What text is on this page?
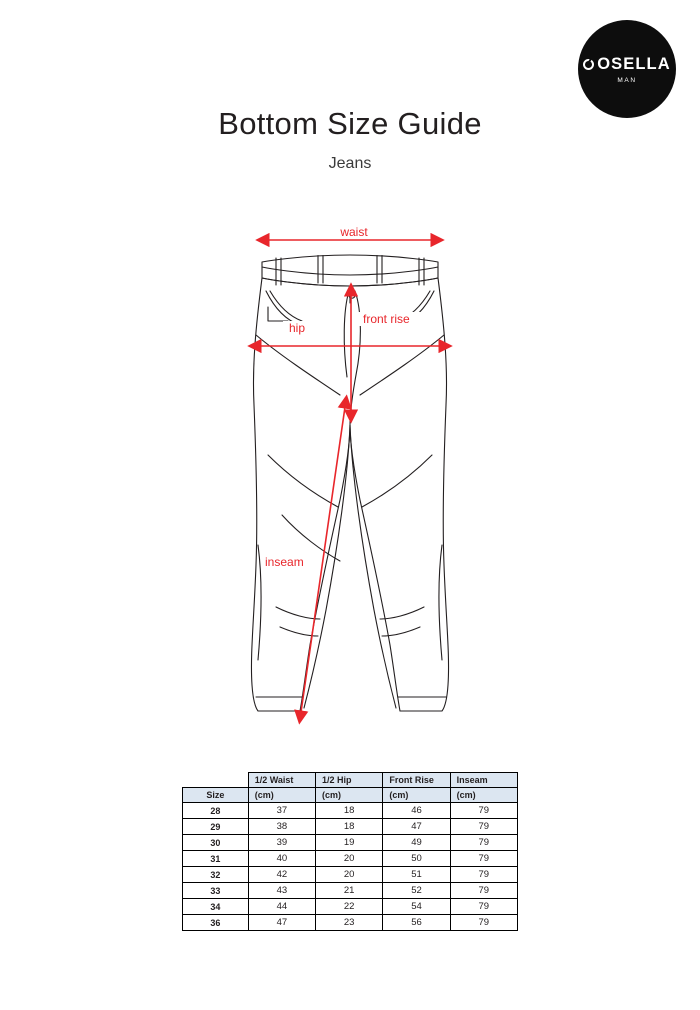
OSELLA
MAN
Bottom Size Guide
Jeans
waist
hip
front rise
inseam
	1/2 Waist	1/2 Hip	Front Rise	Inseam
Size	(cm)	(cm)	(cm)	(cm)
28	37	18	46	79
29	38	18	47	79
30	39	19	49	79
31	40	20	50	79
32	42	20	51	79
33	43	21	52	79
34	44	22	54	79
36	47	23	56	79
